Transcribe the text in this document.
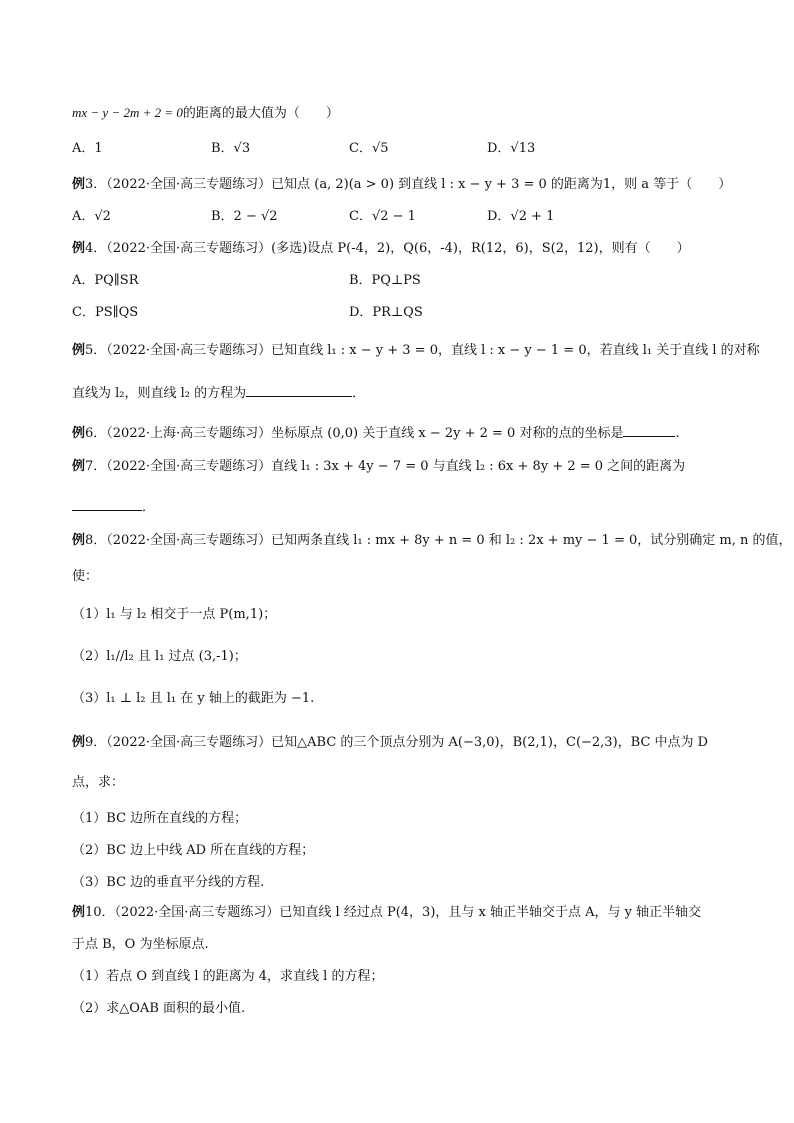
mx − y − 2m + 2 = 0的距离的最大值为（　　）
A．1	B．√3	C．√5	D．√13
例3．（2022·全国·高三专题练习）已知点 (a, 2)(a > 0) 到直线 l : x − y + 3 = 0 的距离为1，则 a 等于（　　）
A．√2	B．2 − √2	C．√2 − 1	D．√2 + 1
例4．（2022·全国·高三专题练习）(多选)设点 P(-4，2)，Q(6，-4)，R(12，6)，S(2，12)，则有（　　）
A．PQ∥SR	B．PQ⊥PS
C．PS∥QS	D．PR⊥QS
例5．（2022·全国·高三专题练习）已知直线 l₁ : x − y + 3 = 0，直线 l : x − y − 1 = 0，若直线 l₁ 关于直线 l 的对称
直线为 l₂，则直线 l₂ 的方程为	．
例6．（2022·上海·高三专题练习）坐标原点 (0,0) 关于直线 x − 2y + 2 = 0 对称的点的坐标是	.
例7．（2022·全国·高三专题练习）直线 l₁ : 3x + 4y − 7 = 0 与直线 l₂ : 6x + 8y + 2 = 0 之间的距离为
．
例8．（2022·全国·高三专题练习）已知两条直线 l₁ : mx + 8y + n = 0 和 l₂ : 2x + my − 1 = 0，试分别确定 m, n 的值，
使：
（1）l₁ 与 l₂ 相交于一点 P(m,1)；
（2）l₁//l₂ 且 l₁ 过点 (3,-1)；
（3）l₁ ⊥ l₂ 且 l₁ 在 y 轴上的截距为 −1.
例9．（2022·全国·高三专题练习）已知△ABC 的三个顶点分别为 A(−3,0)，B(2,1)，C(−2,3)，BC 中点为 D
点，求：
（1）BC 边所在直线的方程；
（2）BC 边上中线 AD 所在直线的方程；
（3）BC 边的垂直平分线的方程.
例10．（2022·全国·高三专题练习）已知直线 l 经过点 P(4，3)，且与 x 轴正半轴交于点 A，与 y 轴正半轴交
于点 B，O 为坐标原点.
（1）若点 O 到直线 l 的距离为 4，求直线 l 的方程；
（2）求△OAB 面积的最小值.
